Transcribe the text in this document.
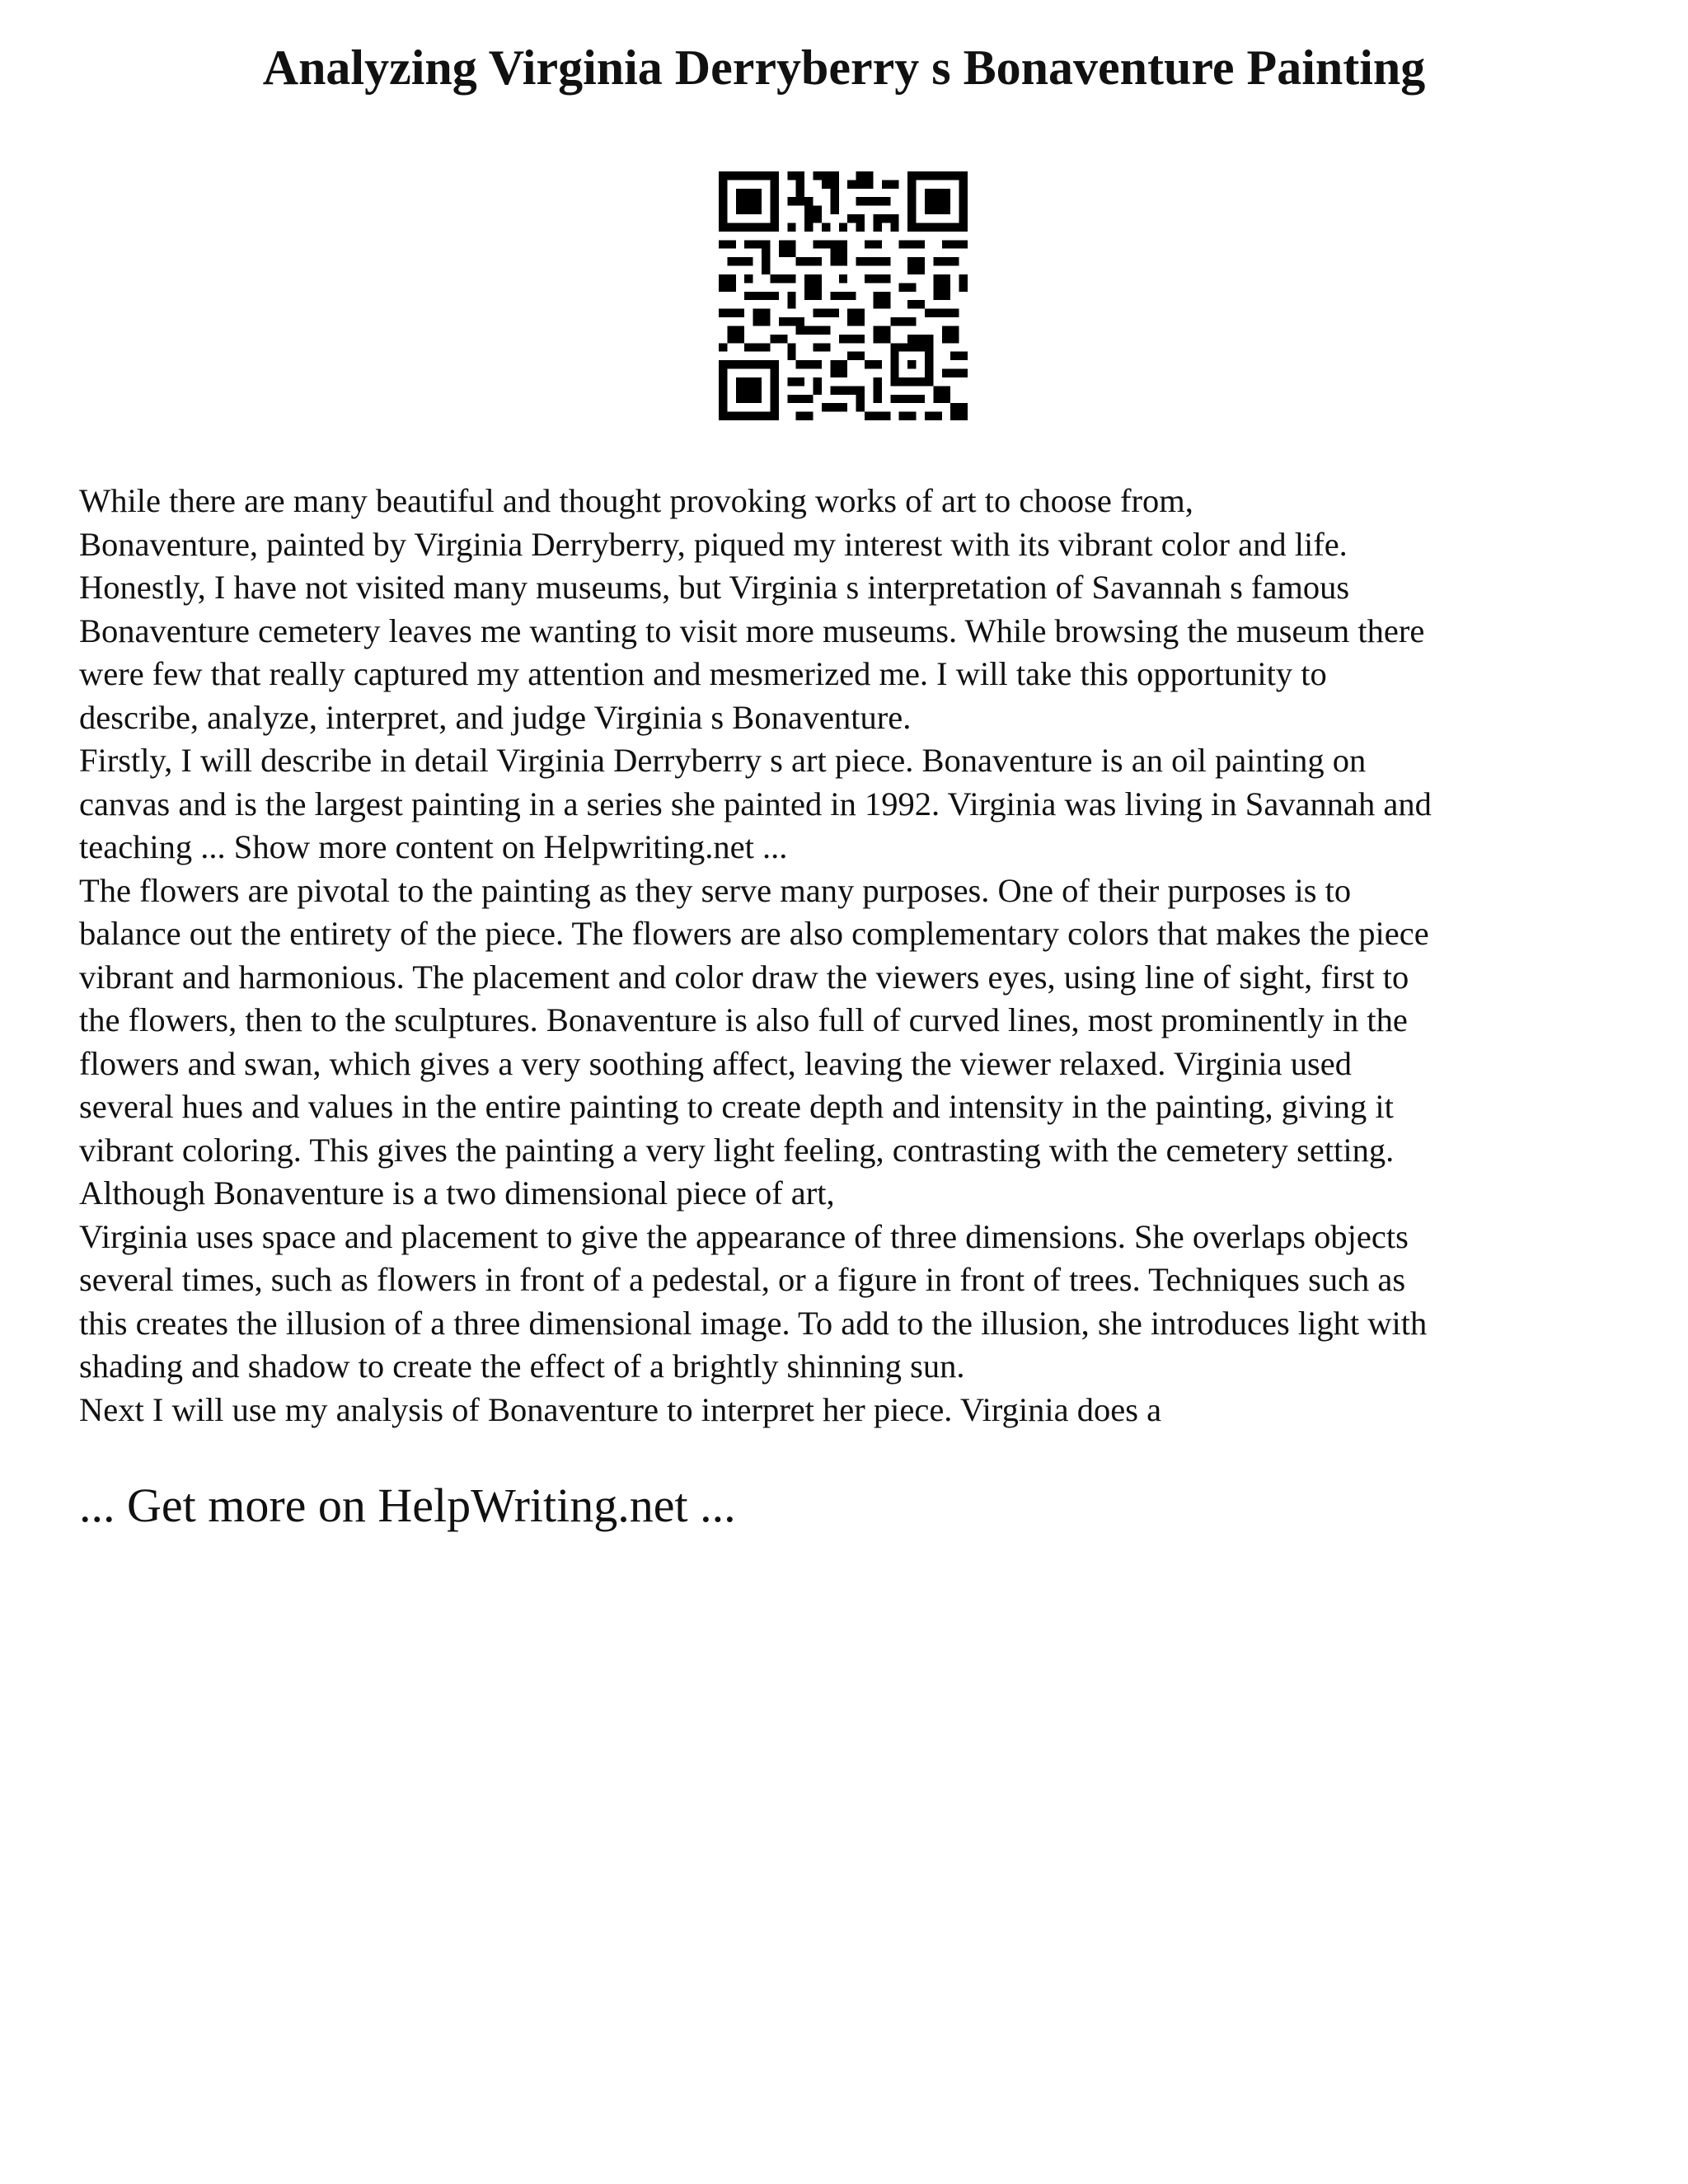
Analyzing Virginia Derryberry s Bonaventure Painting
While there are many beautiful and thought provoking works of art to choose from,
Bonaventure, painted by Virginia Derryberry, piqued my interest with its vibrant color and life.
Honestly, I have not visited many museums, but Virginia s interpretation of Savannah s famous
Bonaventure cemetery leaves me wanting to visit more museums. While browsing the museum there
were few that really captured my attention and mesmerized me. I will take this opportunity to
describe, analyze, interpret, and judge Virginia s Bonaventure.
Firstly, I will describe in detail Virginia Derryberry s art piece. Bonaventure is an oil painting on
canvas and is the largest painting in a series she painted in 1992. Virginia was living in Savannah and
teaching ... Show more content on Helpwriting.net ...
The flowers are pivotal to the painting as they serve many purposes. One of their purposes is to
balance out the entirety of the piece. The flowers are also complementary colors that makes the piece
vibrant and harmonious. The placement and color draw the viewers eyes, using line of sight, first to
the flowers, then to the sculptures. Bonaventure is also full of curved lines, most prominently in the
flowers and swan, which gives a very soothing affect, leaving the viewer relaxed. Virginia used
several hues and values in the entire painting to create depth and intensity in the painting, giving it
vibrant coloring. This gives the painting a very light feeling, contrasting with the cemetery setting.
Although Bonaventure is a two dimensional piece of art,
Virginia uses space and placement to give the appearance of three dimensions. She overlaps objects
several times, such as flowers in front of a pedestal, or a figure in front of trees. Techniques such as
this creates the illusion of a three dimensional image. To add to the illusion, she introduces light with
shading and shadow to create the effect of a brightly shinning sun.
Next I will use my analysis of Bonaventure to interpret her piece. Virginia does a
... Get more on HelpWriting.net ...
